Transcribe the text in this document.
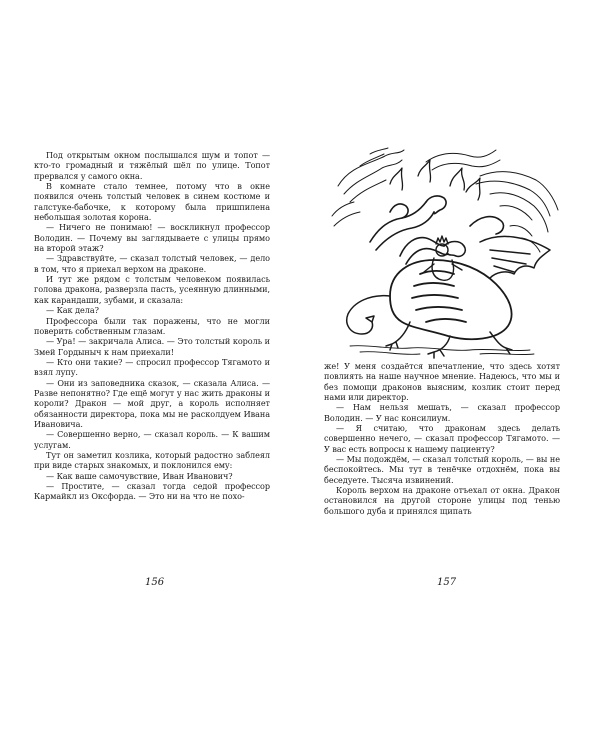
Под открытым окном послышался шум и топот — кто-то громадный и тяжёлый шёл по улице. Топот прервался у самого окна.

В комнате стало темнее, потому что в окне появился очень толстый человек в синем костюме и галстуке-бабочке, к которому была пришпилена небольшая золотая корона.

— Ничего не понимаю! — воскликнул профессор Володин. — Почему вы заглядываете с улицы прямо на второй этаж?

— Здравствуйте, — сказал толстый человек, — дело в том, что я приехал верхом на драконе.

И тут же рядом с толстым человеком появилась голова дракона, разверзла пасть, усеянную длинными, как карандаши, зубами, и сказала:

— Как дела?

Профессора были так поражены, что не могли поверить собственным глазам.

— Ура! — закричала Алиса. — Это толстый король и Змей Гордыныч к нам приехали!

— Кто они такие? — спросил профессор Тягамото и взял лупу.

— Они из заповедника сказок, — сказала Алиса. — Разве непонятно? Где ещё могут у нас жить драконы и короли? Дракон — мой друг, а король исполняет обязанности директора, пока мы не расколдуем Ивана Ивановича.

— Совершенно верно, — сказал король. — К вашим услугам.

Тут он заметил козлика, который радостно заблеял при виде старых знакомых, и поклонился ему:

— Как ваше самочувствие, Иван Иванович?

— Простите, — сказал тогда седой профессор Кармайкл из Оксфорда. — Это ни на что не похо-

156

же! У меня создаётся впечатление, что здесь хотят повлиять на наше научное мнение. Надеюсь, что мы и без помощи драконов выясним, козлик стоит перед нами или директор.

— Нам нельзя мешать, — сказал профессор Володин. — У нас консилиум.

— Я считаю, что драконам здесь делать совершенно нечего, — сказал профессор Тягамото. — У вас есть вопросы к нашему пациенту?

— Мы подождём, — сказал толстый король, — вы не беспокойтесь. Мы тут в тенёчке отдохнём, пока вы беседуете. Тысяча извинений.

Король верхом на драконе отъехал от окна. Дракон остановился на другой стороне улицы под тенью большого дуба и принялся щипать

157
